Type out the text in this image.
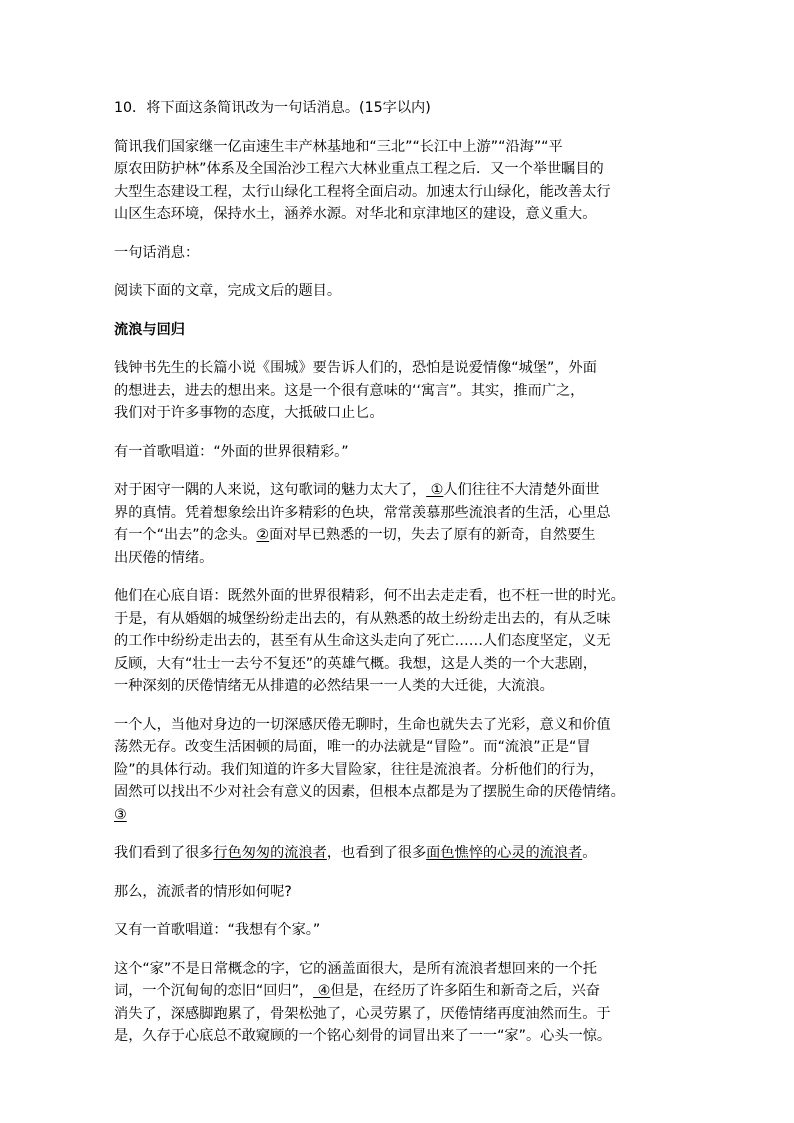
10．将下面这条简讯改为一句话消息。(15字以内)

简讯我们国家继一亿亩速生丰产林基地和“三北”“长江中上游”“沿海”“平
原农田防护林”体系及全国治沙工程六大林业重点工程之后．又一个举世瞩目的
大型生态建设工程，太行山绿化工程将全面启动。加速太行山绿化，能改善太行
山区生态环境，保持水土，涵养水源。对华北和京津地区的建设，意义重大。

一句话消息：

阅读下面的文章，完成文后的题目。

流浪与回归

钱钟书先生的长篇小说《围城》要告诉人们的，恐怕是说爱情像“城堡”，外面
的想进去，进去的想出来。这是一个很有意味的‘‘寓言”。其实，推而广之，
我们对于许多事物的态度，大抵破口止匕。

有一首歌唱道：“外面的世界很精彩。”

对于困守一隅的人来说，这句歌词的魅力太大了， ①人们往往不大清楚外面世
界的真情。凭着想象绘出许多精彩的色块，常常羡慕那些流浪者的生活，心里总
有一个“出去”的念头。②面对早已熟悉的一切，失去了原有的新奇，自然要生
出厌倦的情绪。

他们在心底自语：既然外面的世界很精彩，何不出去走走看，也不枉一世的时光。
于是，有从婚姻的城堡纷纷走出去的，有从熟悉的故土纷纷走出去的，有从乏味
的工作中纷纷走出去的，甚至有从生命这头走向了死亡……人们态度坚定，义无
反顾，大有“壮士一去兮不复还”的英雄气概。我想，这是人类的一个大悲剧，
一种深刻的厌倦情绪无从排遣的必然结果一一人类的大迁徙，大流浪。

一个人，当他对身边的一切深感厌倦无聊时，生命也就失去了光彩，意义和价值
荡然无存。改变生活困顿的局面，唯一的办法就是“冒险”。而“流浪”正是“冒
险”的具体行动。我们知道的许多大冒险家，往往是流浪者。分析他们的行为，
固然可以找出不少对社会有意义的因素，但根本点都是为了摆脱生命的厌倦情绪。
③

我们看到了很多行色匆匆的流浪者，也看到了很多面色憔悴的心灵的流浪者。

那么，流派者的情形如何呢?

又有一首歌唱道：“我想有个家。”

这个“家”不是日常概念的字，它的涵盖面很大，是所有流浪者想回来的一个托
词，一个沉甸甸的恋旧“回归”， ④但是，在经历了许多陌生和新奇之后，兴奋
消失了，深感脚跑累了，骨架松弛了，心灵劳累了，厌倦情绪再度油然而生。于
是，久存于心底总不敢窥顾的一个铭心刻骨的词冒出来了一一“家”。心头一惊。
